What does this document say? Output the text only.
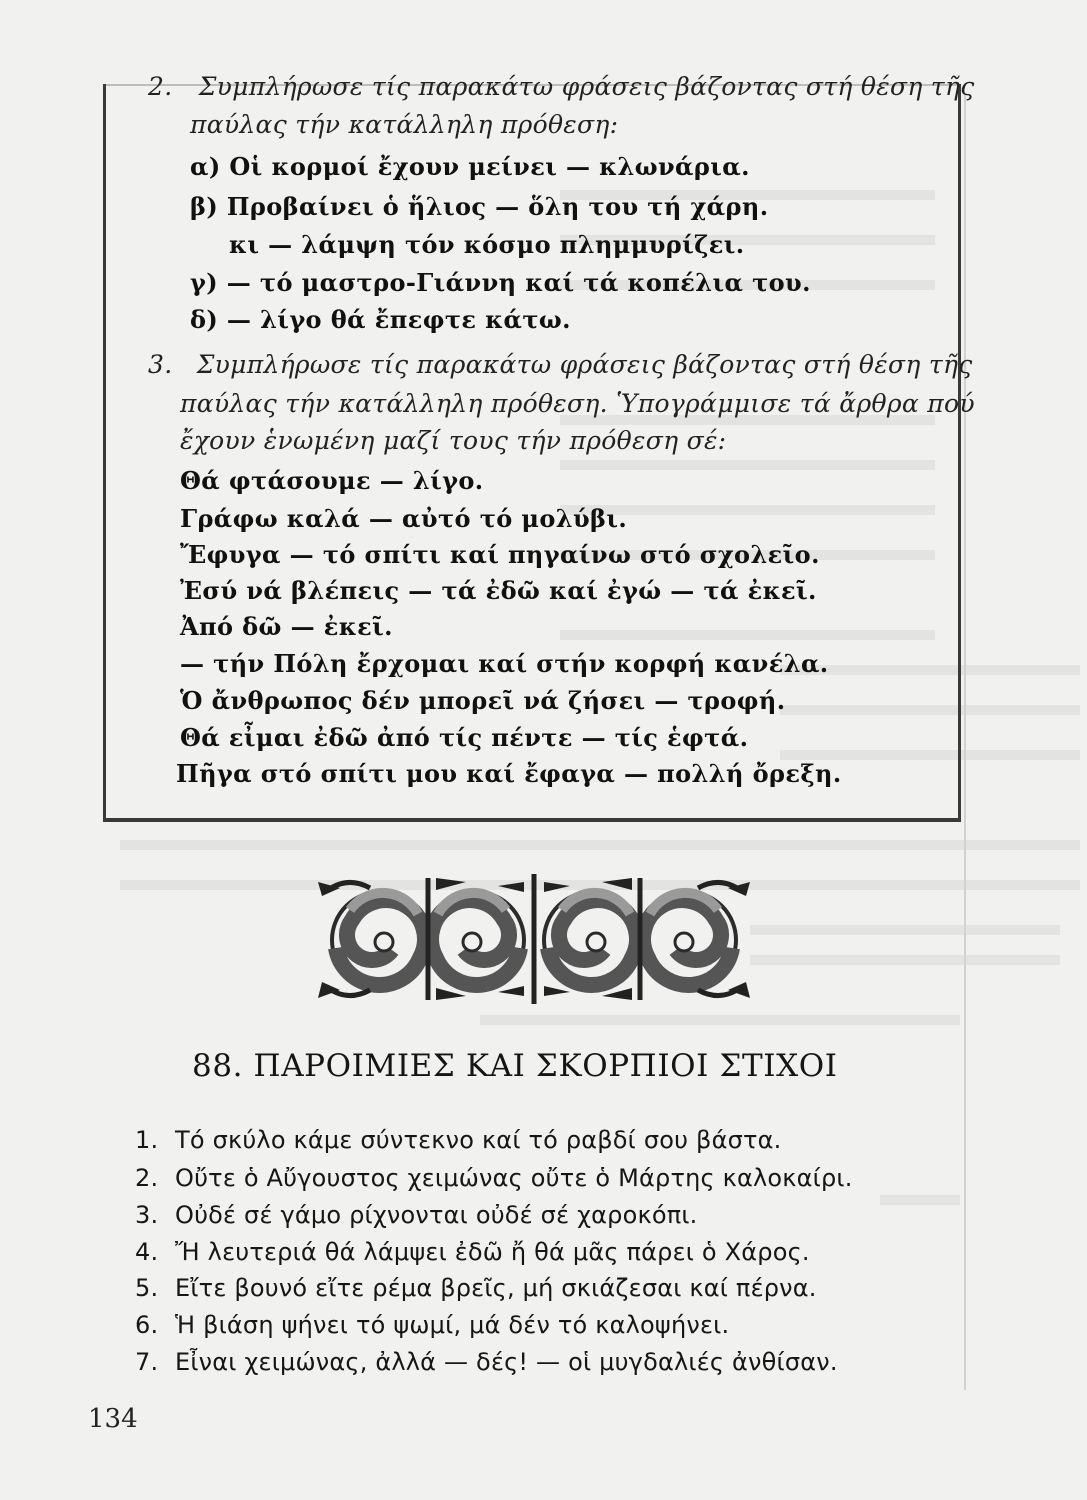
2. Συμπλήρωσε τίς παρακάτω φράσεις βάζοντας στή θέση τῆς
παύλας τήν κατάλληλη πρόθεση:
α) Οἱ κορμοί ἔχουν μείνει — κλωνάρια.
β) Προβαίνει ὁ ἥλιος — ὅλη του τή χάρη.
κι — λάμψη τόν κόσμο πλημμυρίζει.
γ) — τό μαστρο-Γιάννη καί τά κοπέλια του.
δ) — λίγο θά ἔπεφτε κάτω.
3. Συμπλήρωσε τίς παρακάτω φράσεις βάζοντας στή θέση τῆς
παύλας τήν κατάλληλη πρόθεση. Ὑπογράμμισε τά ἄρθρα πού
ἔχουν ἑνωμένη μαζί τους τήν πρόθεση σέ:
Θά φτάσουμε — λίγο.
Γράφω καλά — αὐτό τό μολύβι.
Ἔφυγα — τό σπίτι καί πηγαίνω στό σχολεῖο.
Ἐσύ νά βλέπεις — τά ἐδῶ καί ἐγώ — τά ἐκεῖ.
Ἀπό δῶ — ἐκεῖ.
— τήν Πόλη ἔρχομαι καί στήν κορφή κανέλα.
Ὁ ἄνθρωπος δέν μπορεῖ νά ζήσει — τροφή.
Θά εἶμαι ἐδῶ ἀπό τίς πέντε — τίς ἑφτά.
Πῆγα στό σπίτι μου καί ἔφαγα — πολλή ὄρεξη.
88. ΠΑΡΟΙΜΙΕΣ ΚΑΙ ΣΚΟΡΠΙΟΙ ΣΤΙΧΟΙ
1. Τό σκύλο κάμε σύντεκνο καί τό ραβδί σου βάστα.
2. Οὔτε ὁ Αὔγουστος χειμώνας οὔτε ὁ Μάρτης καλοκαίρι.
3. Οὐδέ σέ γάμο ρίχνονται οὐδέ σέ χαροκόπι.
4. Ἤ λευτεριά θά λάμψει ἐδῶ ἤ θά μᾶς πάρει ὁ Χάρος.
5. Εἴτε βουνό εἴτε ρέμα βρεῖς, μή σκιάζεσαι καί πέρνα.
6. Ἡ βιάση ψήνει τό ψωμί, μά δέν τό καλοψήνει.
7. Εἶναι χειμώνας, ἀλλά — δές! — οἱ μυγδαλιές ἀνθίσαν.
134
